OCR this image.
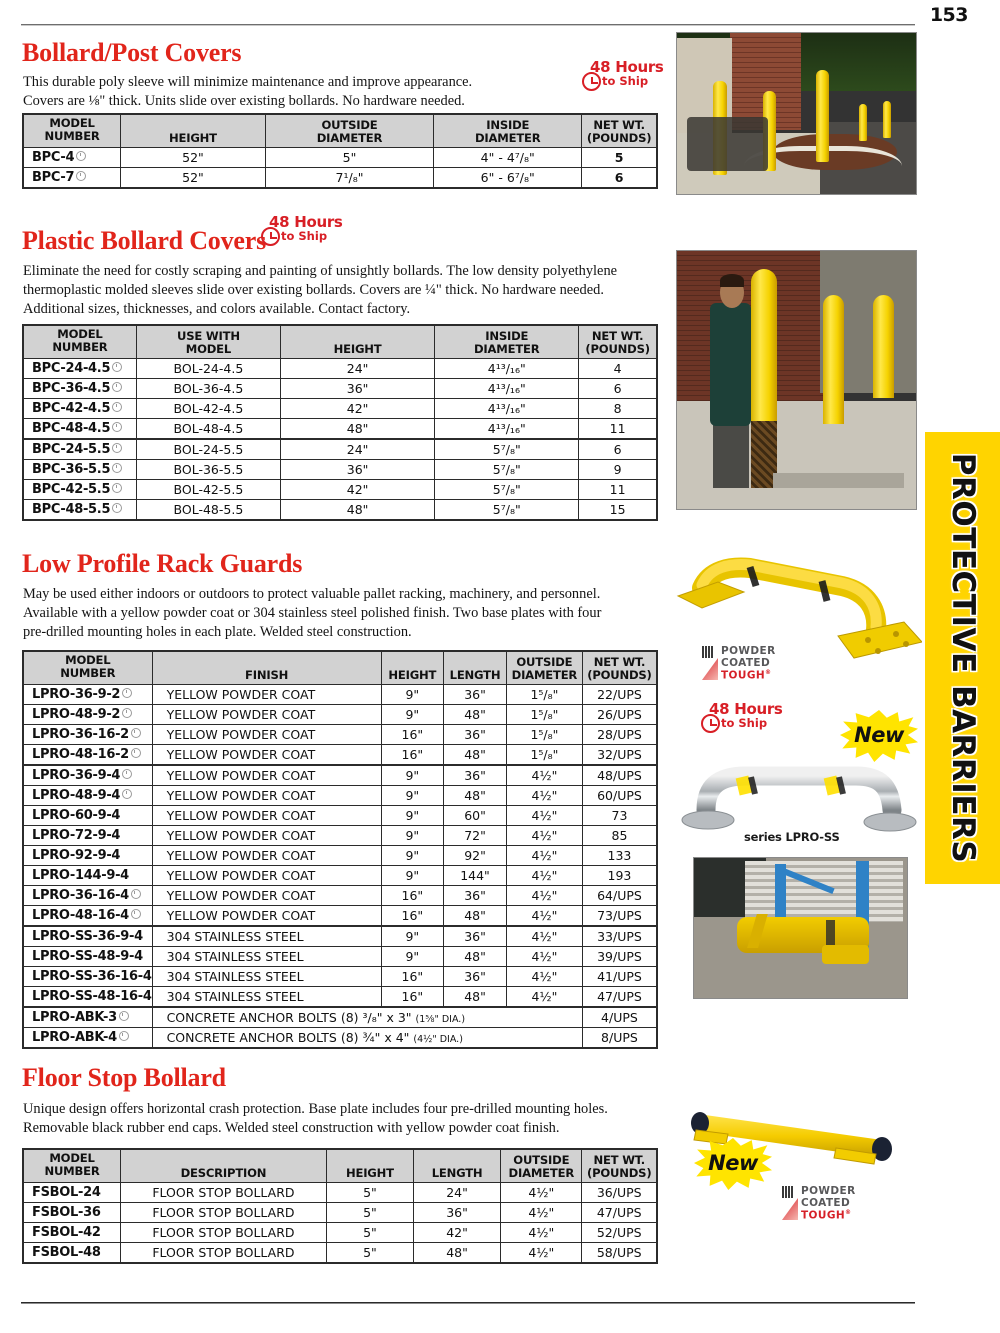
153
Bollard/Post Covers
This durable poly sleeve will minimize maintenance and improve appearance.
Covers are ⅛" thick. Units slide over existing bollards. No hardware needed.
48 Hours
to Ship
MODEL
NUMBER	HEIGHT	OUTSIDE
DIAMETER	INSIDE
DIAMETER	NET WT.
(POUNDS)

BPC-4	52"	5"	4" - 4⁷/₈"	5
BPC-7	52"	7¹/₈"	6" - 6⁷/₈"	6
Plastic Bollard Covers
48 Hours
to Ship
Eliminate the need for costly scraping and painting of unsightly bollards. The low density polyethylene
thermoplastic molded sleeves slide over existing bollards. Covers are ¼" thick. No hardware needed.
Additional sizes, thicknesses, and colors available. Contact factory.
MODEL
NUMBER	USE WITH
MODEL	HEIGHT	INSIDE
DIAMETER	NET WT.
(POUNDS)

BPC-24-4.5	BOL-24-4.5	24"	4¹³/₁₆"	4
BPC-36-4.5	BOL-36-4.5	36"	4¹³/₁₆"	6
BPC-42-4.5	BOL-42-4.5	42"	4¹³/₁₆"	8
BPC-48-4.5	BOL-48-4.5	48"	4¹³/₁₆"	11
BPC-24-5.5	BOL-24-5.5	24"	5⁷/₈"	6
BPC-36-5.5	BOL-36-5.5	36"	5⁷/₈"	9
BPC-42-5.5	BOL-42-5.5	42"	5⁷/₈"	11
BPC-48-5.5	BOL-48-5.5	48"	5⁷/₈"	15
Low Profile Rack Guards
May be used either indoors or outdoors to protect valuable pallet racking, machinery, and personnel.
Available with a yellow powder coat or 304 stainless steel polished finish. Two base plates with four
pre-drilled mounting holes in each plate. Welded steel construction.
MODEL
NUMBER	FINISH	HEIGHT	LENGTH	OUTSIDE
DIAMETER	NET WT.
(POUNDS)

LPRO-36-9-2	YELLOW POWDER COAT	9"	36"	1⁵/₈"	22/UPS
LPRO-48-9-2	YELLOW POWDER COAT	9"	48"	1⁵/₈"	26/UPS
LPRO-36-16-2	YELLOW POWDER COAT	16"	36"	1⁵/₈"	28/UPS
LPRO-48-16-2	YELLOW POWDER COAT	16"	48"	1⁵/₈"	32/UPS
LPRO-36-9-4	YELLOW POWDER COAT	9"	36"	4½"	48/UPS
LPRO-48-9-4	YELLOW POWDER COAT	9"	48"	4½"	60/UPS
LPRO-60-9-4	YELLOW POWDER COAT	9"	60"	4½"	73
LPRO-72-9-4	YELLOW POWDER COAT	9"	72"	4½"	85
LPRO-92-9-4	YELLOW POWDER COAT	9"	92"	4½"	133
LPRO-144-9-4	YELLOW POWDER COAT	9"	144"	4½"	193
LPRO-36-16-4	YELLOW POWDER COAT	16"	36"	4½"	64/UPS
LPRO-48-16-4	YELLOW POWDER COAT	16"	48"	4½"	73/UPS
LPRO-SS-36-9-4	304 STAINLESS STEEL	9"	36"	4½"	33/UPS
LPRO-SS-48-9-4	304 STAINLESS STEEL	9"	48"	4½"	39/UPS
LPRO-SS-36-16-4	304 STAINLESS STEEL	16"	36"	4½"	41/UPS
LPRO-SS-48-16-4	304 STAINLESS STEEL	16"	48"	4½"	47/UPS
LPRO-ABK-3	CONCRETE ANCHOR BOLTS (8) ³/₈" x 3" (1⅝" DIA.)				4/UPS
LPRO-ABK-4	CONCRETE ANCHOR BOLTS (8) ¾" x 4" (4½" DIA.)				8/UPS
POWDER
COATED
TOUGH®
48 Hours
to Ship	New
series LPRO-SS
Floor Stop Bollard
Unique design offers horizontal crash protection. Base plate includes four pre-drilled mounting holes.
Removable black rubber end caps. Welded steel construction with yellow powder coat finish.
MODEL
NUMBER	DESCRIPTION	HEIGHT	LENGTH	OUTSIDE
DIAMETER	NET WT.
(POUNDS)

FSBOL-24	FLOOR STOP BOLLARD	5"	24"	4½"	36/UPS
FSBOL-36	FLOOR STOP BOLLARD	5"	36"	4½"	47/UPS
FSBOL-42	FLOOR STOP BOLLARD	5"	42"	4½"	52/UPS
FSBOL-48	FLOOR STOP BOLLARD	5"	48"	4½"	58/UPS
New
POWDER
COATED
TOUGH®
PROTECTIVE BARRIERS
